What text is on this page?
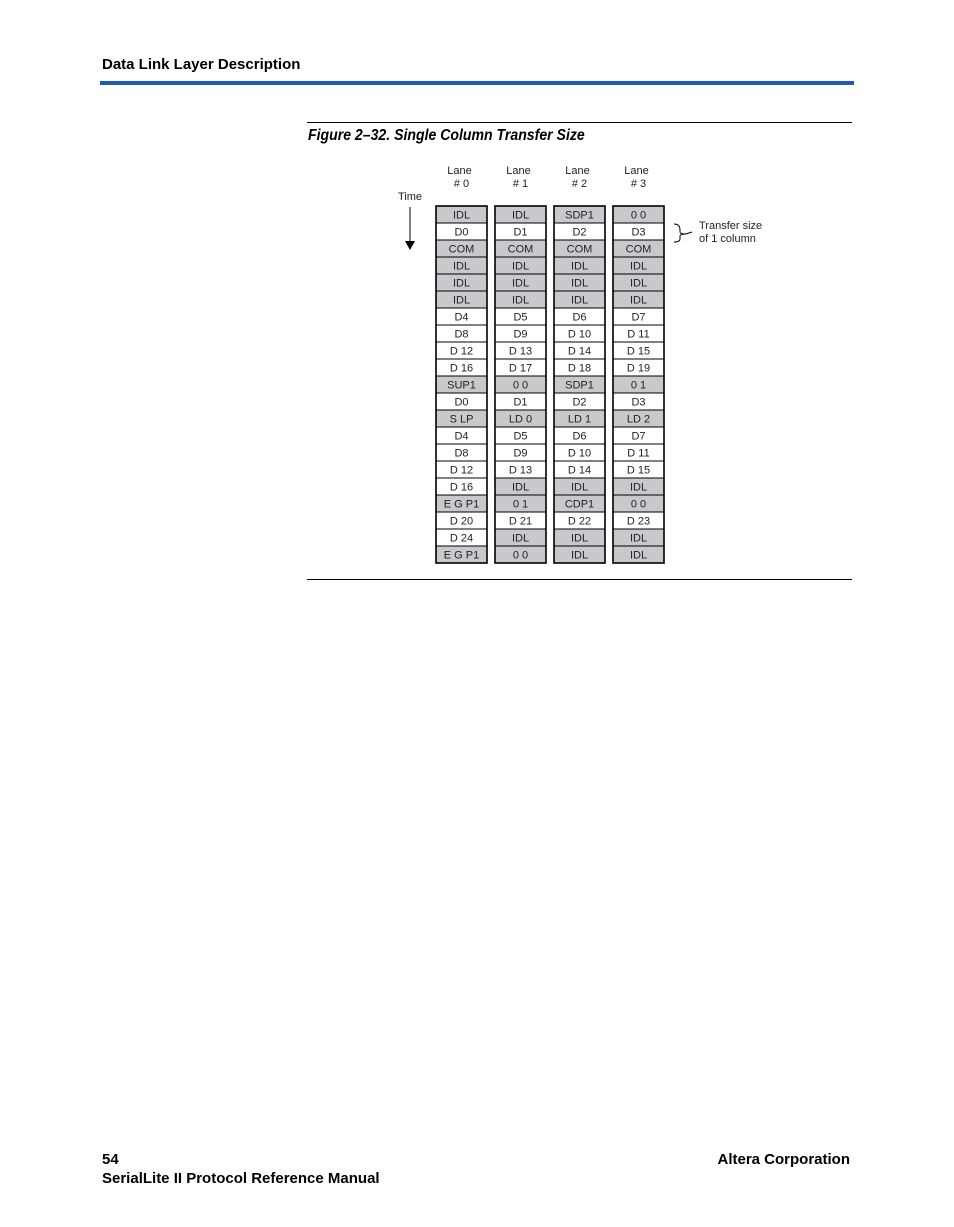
Data Link Layer Description
Figure 2–32. Single Column Transfer Size
Lane
# 0
Lane
# 1
Lane
# 2
Lane
# 3
Time
IDL
D0
COM
IDL
IDL
IDL
D4
D8
D 12
D 16
SUP1
D0
S LP
D4
D8
D 12
D 16
E G P1
D 20
D 24
E G P1
IDL
D1
COM
IDL
IDL
IDL
D5
D9
D 13
D 17
0 0
D1
LD 0
D5
D9
D 13
IDL
0 1
D 21
IDL
0 0
SDP1
D2
COM
IDL
IDL
IDL
D6
D 10
D 14
D 18
SDP1
D2
LD 1
D6
D 10
D 14
IDL
CDP1
D 22
IDL
IDL
0 0
D3
COM
IDL
IDL
IDL
D7
D 11
D 15
D 19
0 1
D3
LD 2
D7
D 11
D 15
IDL
0 0
D 23
IDL
IDL
Transfer size
of 1 column
54
SerialLite II Protocol Reference Manual
Altera Corporation
